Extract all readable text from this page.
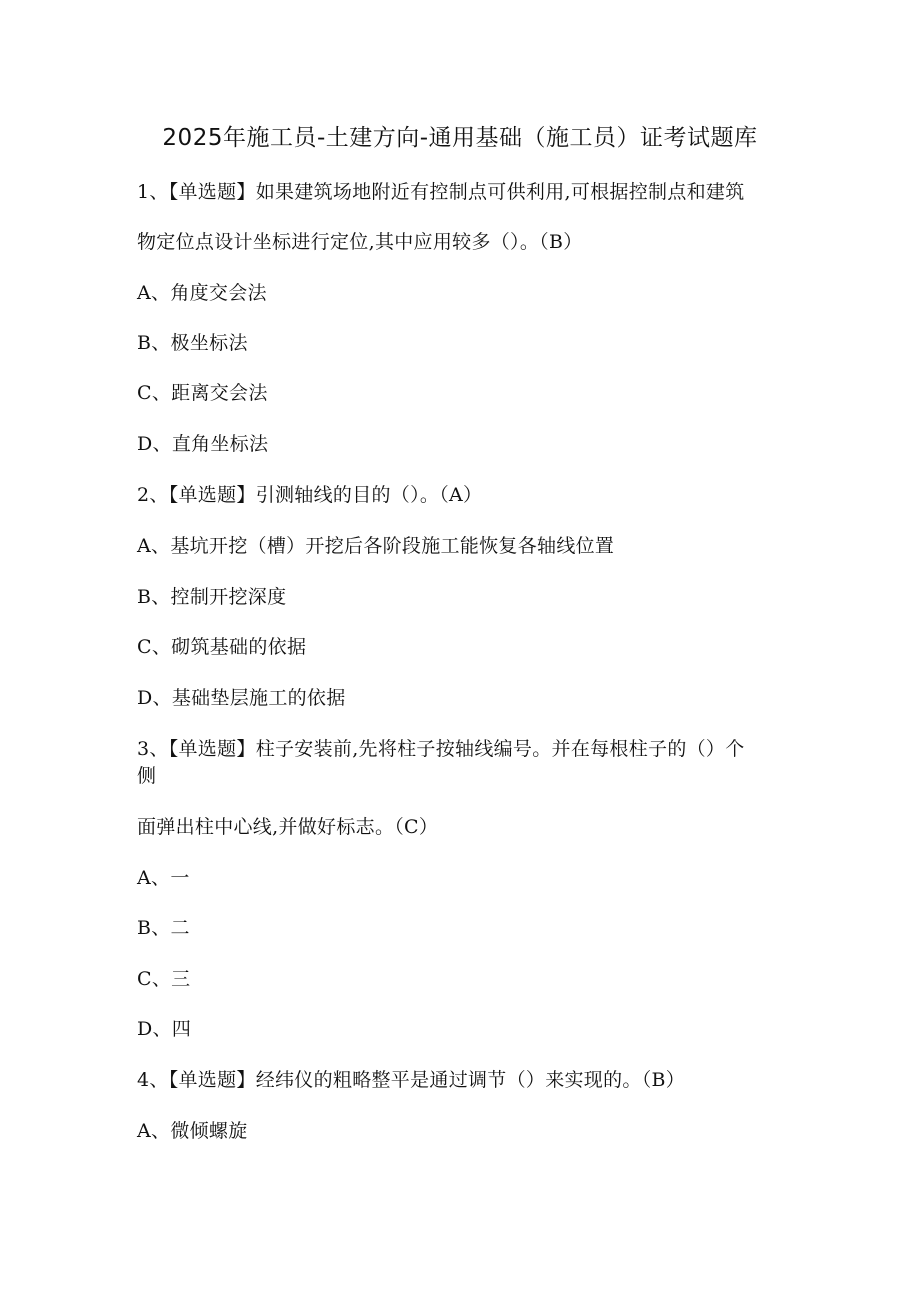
2025年施工员-土建方向-通用基础（施工员）证考试题库
1、【单选题】如果建筑场地附近有控制点可供利用,可根据控制点和建筑
物定位点设计坐标进行定位,其中应用较多（）。（B）
A、角度交会法
B、极坐标法
C、距离交会法
D、直角坐标法
2、【单选题】引测轴线的目的（）。（A）
A、基坑开挖（槽）开挖后各阶段施工能恢复各轴线位置
B、控制开挖深度
C、砌筑基础的依据
D、基础垫层施工的依据
3、【单选题】柱子安装前,先将柱子按轴线编号。并在每根柱子的（）个
侧
面弹出柱中心线,并做好标志。（C）
A、一
B、二
C、三
D、四
4、【单选题】经纬仪的粗略整平是通过调节（）来实现的。（B）
A、微倾螺旋
